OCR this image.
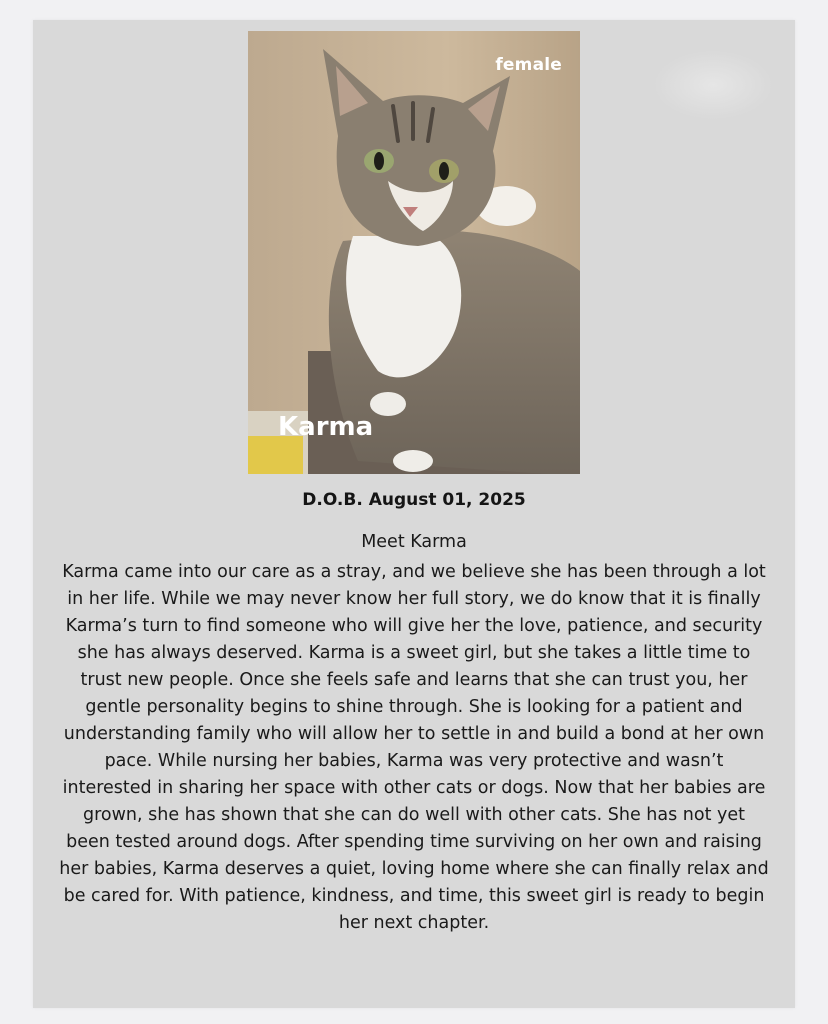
female
Karma
D.O.B. August 01, 2025
Meet Karma
Karma came into our care as a stray, and we believe she has been through a lot in her life. While we may never know her full story, we do know that it is finally Karma’s turn to find someone who will give her the love, patience, and security she has always deserved. Karma is a sweet girl, but she takes a little time to trust new people. Once she feels safe and learns that she can trust you, her gentle personality begins to shine through. She is looking for a patient and understanding family who will allow her to settle in and build a bond at her own pace. While nursing her babies, Karma was very protective and wasn’t interested in sharing her space with other cats or dogs. Now that her babies are grown, she has shown that she can do well with other cats. She has not yet been tested around dogs. After spending time surviving on her own and raising her babies, Karma deserves a quiet, loving home where she can finally relax and be cared for. With patience, kindness, and time, this sweet girl is ready to begin her next chapter.
